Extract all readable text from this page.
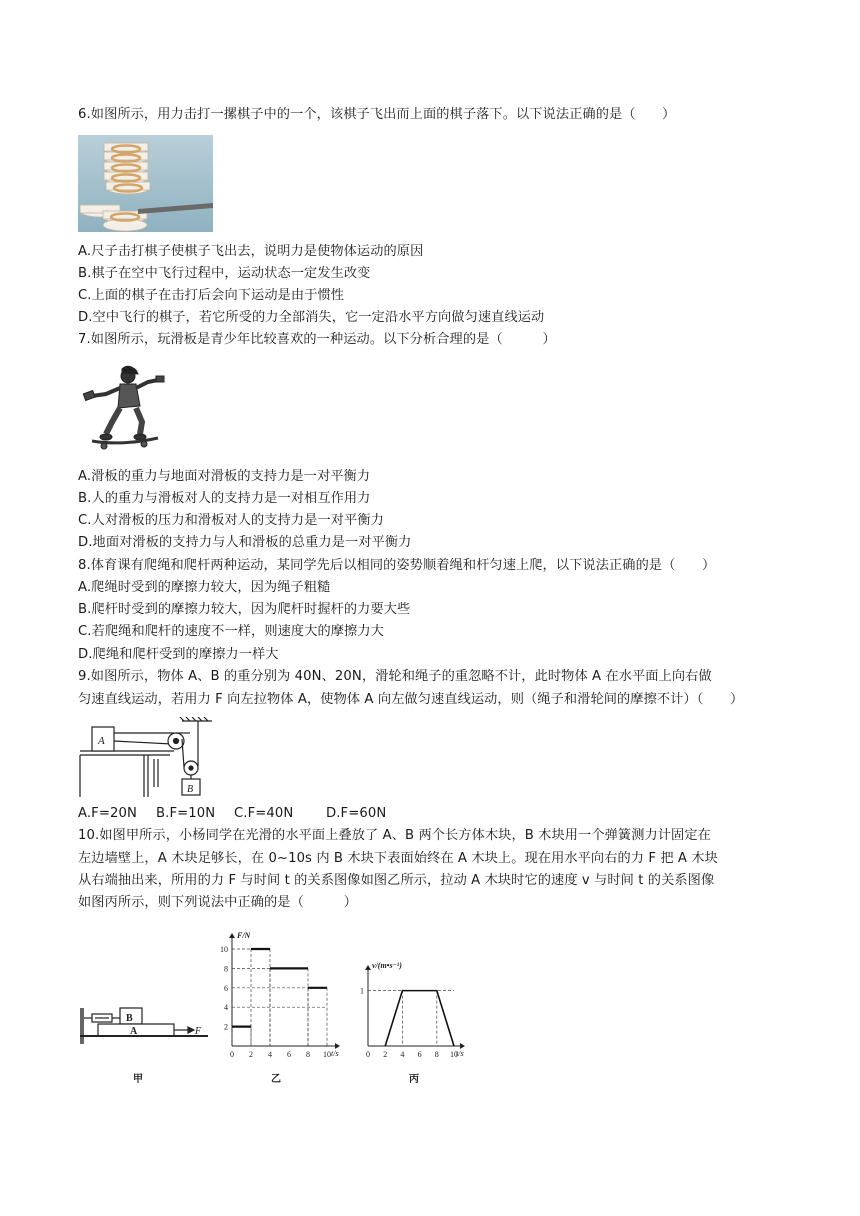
6.如图所示，用力击打一摞棋子中的一个，该棋子飞出而上面的棋子落下。以下说法正确的是（　　）
A.尺子击打棋子使棋子飞出去，说明力是使物体运动的原因
B.棋子在空中飞行过程中，运动状态一定发生改变
C.上面的棋子在击打后会向下运动是由于惯性
D.空中飞行的棋子，若它所受的力全部消失，它一定沿水平方向做匀速直线运动
7.如图所示，玩滑板是青少年比较喜欢的一种运动。以下分析合理的是（　　　）
A.滑板的重力与地面对滑板的支持力是一对平衡力
B.人的重力与滑板对人的支持力是一对相互作用力
C.人对滑板的压力和滑板对人的支持力是一对平衡力
D.地面对滑板的支持力与人和滑板的总重力是一对平衡力
8.体育课有爬绳和爬杆两种运动，某同学先后以相同的姿势顺着绳和杆匀速上爬，以下说法正确的是（　　）
A.爬绳时受到的摩擦力较大，因为绳子粗糙
B.爬杆时受到的摩擦力较大，因为爬杆时握杆的力要大些
C.若爬绳和爬杆的速度不一样，则速度大的摩擦力大
D.爬绳和爬杆受到的摩擦力一样大
9.如图所示，物体 A、B 的重分别为 40N、20N，滑轮和绳子的重忽略不计，此时物体 A 在水平面上向右做
匀速直线运动，若用力 F 向左拉物体 A，使物体 A 向左做匀速直线运动，则（绳子和滑轮间的摩擦不计）（　　）
A
B
A.F=20N B.F=10N C.F=40N D.F=60N
10.如图甲所示，小杨同学在光滑的水平面上叠放了 A、B 两个长方体木块，B 木块用一个弹簧测力计固定在
左边墙壁上，A 木块足够长，在 0~10s 内 B 木块下表面始终在 A 木块上。现在用水平向右的力 F 把 A 木块
从右端抽出来，所用的力 F 与时间 t 的关系图像如图乙所示，拉动 A 木块时它的速度 v 与时间 t 的关系图像
如图丙所示，则下列说法中正确的是（　　　）
B
A	F
甲
F/N
t/s
2
4
6
8
10
0 2 4 6 8 10
乙
v/(m•s⁻¹)
t/s
1
0 2 4 6 8 10
丙
